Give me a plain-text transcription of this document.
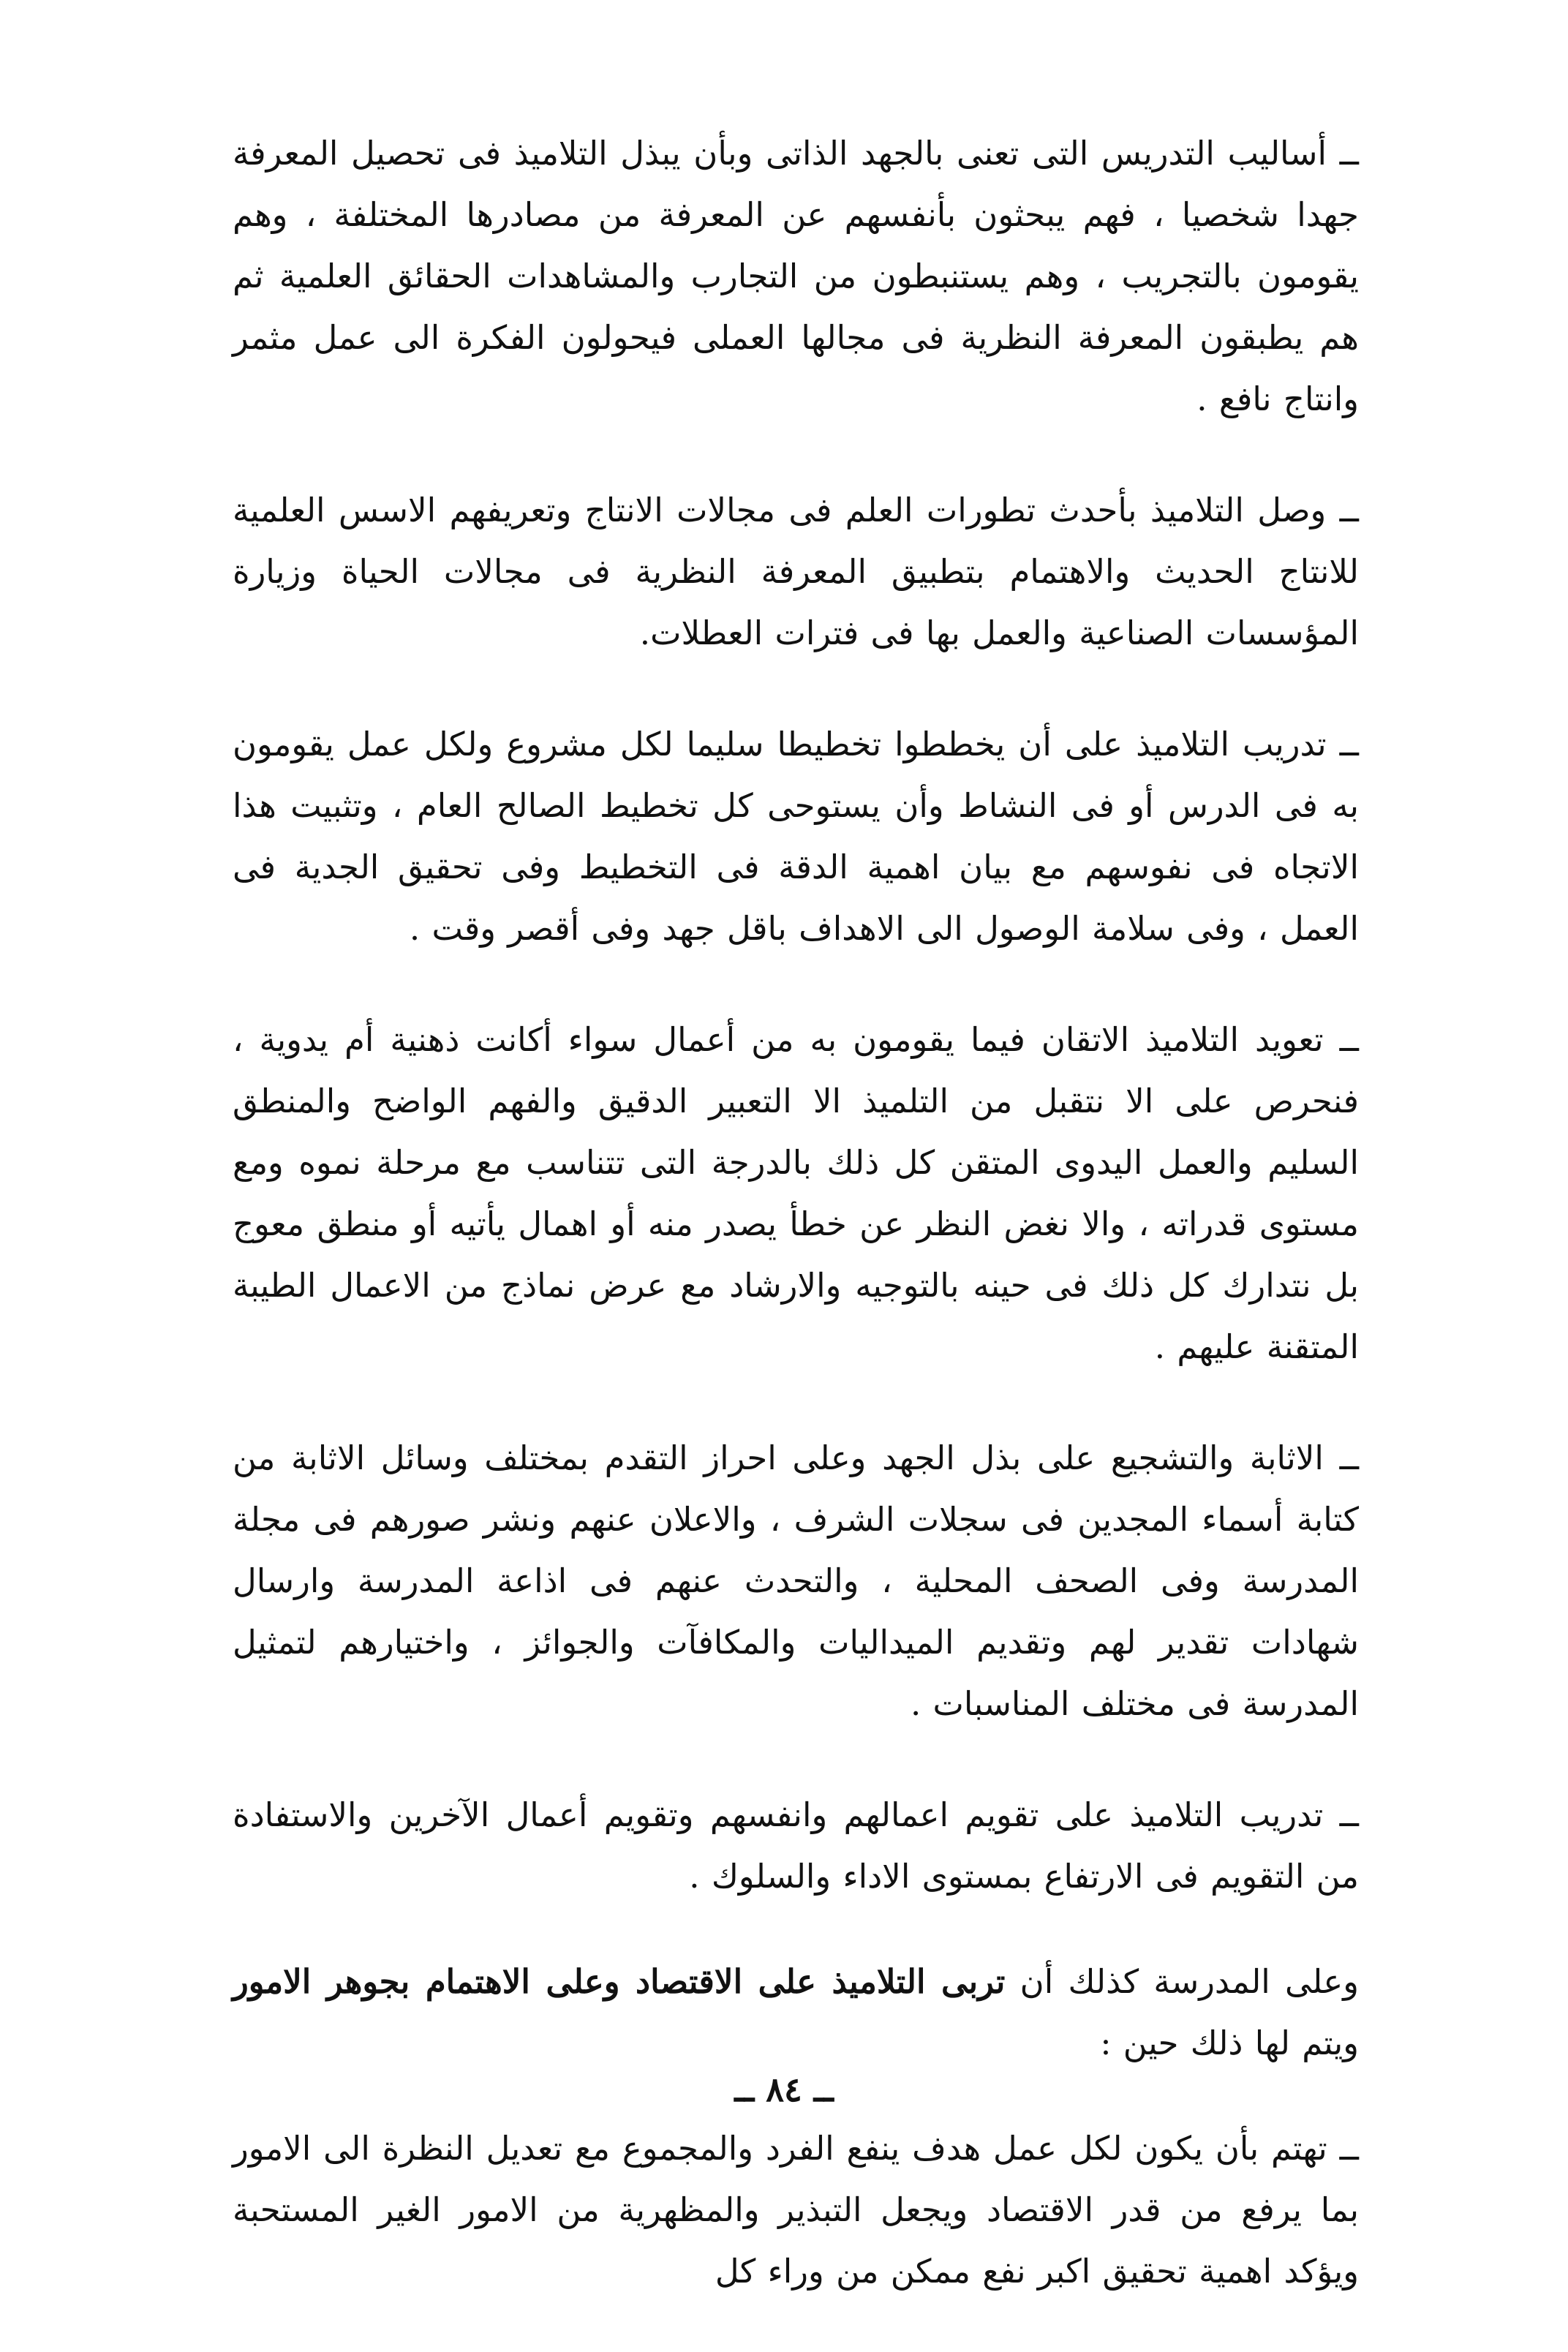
ــ أساليب التدريس التى تعنى بالجهد الذاتى وبأن يبذل التلاميذ فى تحصيل المعرفة جهدا شخصيا ، فهم يبحثون بأنفسهم عن المعرفة من مصادرها المختلفة ، وهم يقومون بالتجريب ، وهم يستنبطون من التجارب والمشاهدات الحقائق العلمية ثم هم يطبقون المعرفة النظرية فى مجالها العملى فيحولون الفكرة الى عمل مثمر وانتاج نافع .

ــ وصل التلاميذ بأحدث تطورات العلم فى مجالات الانتاج وتعريفهم الاسس العلمية للانتاج الحديث والاهتمام بتطبيق المعرفة النظرية فى مجالات الحياة وزيارة المؤسسات الصناعية والعمل بها فى فترات العطلات.

ــ تدريب التلاميذ على أن يخططوا تخطيطا سليما لكل مشروع ولكل عمل يقومون به فى الدرس أو فى النشاط وأن يستوحى كل تخطيط الصالح العام ، وتثبيت هذا الاتجاه فى نفوسهم مع بيان اهمية الدقة فى التخطيط وفى تحقيق الجدية فى العمل ، وفى سلامة الوصول الى الاهداف باقل جهد وفى أقصر وقت .

ــ تعويد التلاميذ الاتقان فيما يقومون به من أعمال سواء أكانت ذهنية أم يدوية ، فنحرص على الا نتقبل من التلميذ الا التعبير الدقيق والفهم الواضح والمنطق السليم والعمل اليدوى المتقن كل ذلك بالدرجة التى تتناسب مع مرحلة نموه ومع مستوى قدراته ، والا نغض النظر عن خطأ يصدر منه أو اهمال يأتيه أو منطق معوج بل نتدارك كل ذلك فى حينه بالتوجيه والارشاد مع عرض نماذج من الاعمال الطيبة المتقنة عليهم .

ــ الاثابة والتشجيع على بذل الجهد وعلى احراز التقدم بمختلف وسائل الاثابة من كتابة أسماء المجدين فى سجلات الشرف ، والاعلان عنهم ونشر صورهم فى مجلة المدرسة وفى الصحف المحلية ، والتحدث عنهم فى اذاعة المدرسة وارسال شهادات تقدير لهم وتقديم الميداليات والمكافآت والجوائز ، واختيارهم لتمثيل المدرسة فى مختلف المناسبات .

ــ تدريب التلاميذ على تقويم اعمالهم وانفسهم وتقويم أعمال الآخرين والاستفادة من التقويم فى الارتفاع بمستوى الاداء والسلوك .

وعلى المدرسة كذلك أن تربى التلاميذ على الاقتصاد وعلى الاهتمام بجوهر الامور ويتم لها ذلك حين :

ــ تهتم بأن يكون لكل عمل هدف ينفع الفرد والمجموع مع تعديل النظرة الى الامور بما يرفع من قدر الاقتصاد ويجعل التبذير والمظهرية من الامور الغير المستحبة ويؤكد اهمية تحقيق اكبر نفع ممكن من وراء كل

ــ ٨٤ ــ
